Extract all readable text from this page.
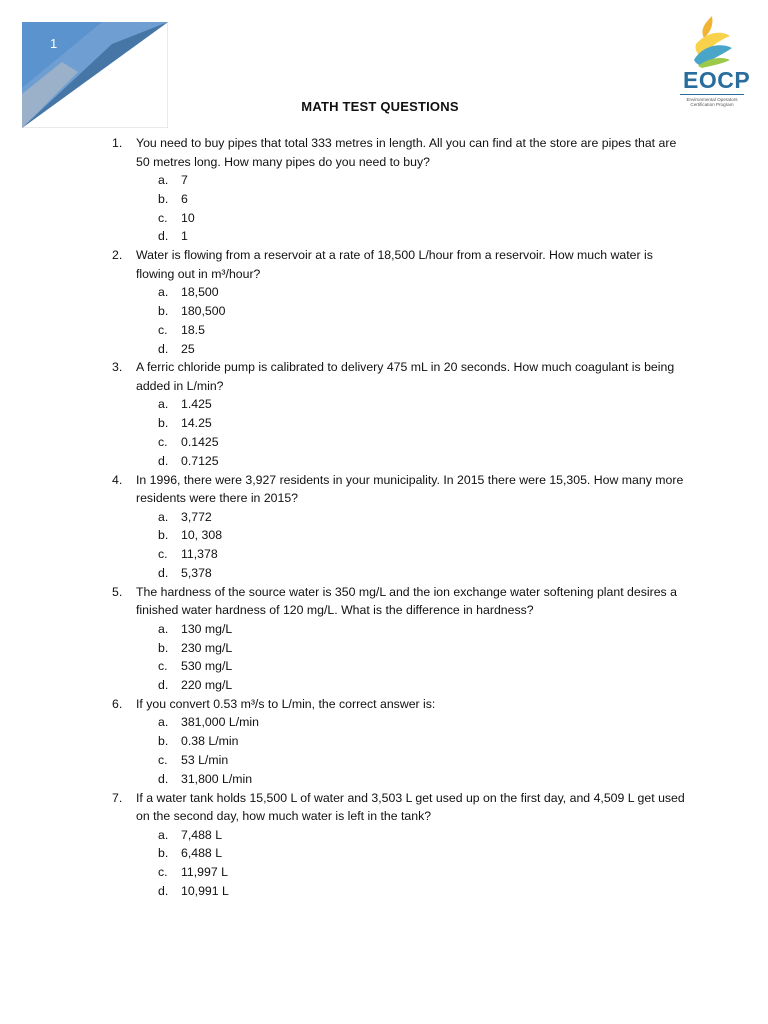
1
EOCP
Environmental Operators Certification Program
MATH TEST QUESTIONS
1.	You need to buy pipes that total 333 metres in length. All you can find at the store are pipes that are 50 metres long. How many pipes do you need to buy?
a. 7
b. 6
c. 10
d. 1
2.	Water is flowing from a reservoir at a rate of 18,500 L/hour from a reservoir. How much water is flowing out in m³/hour?
a. 18,500
b. 180,500
c. 18.5
d. 25
3.	A ferric chloride pump is calibrated to delivery 475 mL in 20 seconds. How much coagulant is being added in L/min?
a. 1.425
b. 14.25
c. 0.1425
d. 0.7125
4.	In 1996, there were 3,927 residents in your municipality. In 2015 there were 15,305. How many more residents were there in 2015?
a. 3,772
b. 10, 308
c. 11,378
d. 5,378
5.	The hardness of the source water is 350 mg/L and the ion exchange water softening plant desires a finished water hardness of 120 mg/L. What is the difference in hardness?
a. 130 mg/L
b. 230 mg/L
c. 530 mg/L
d. 220 mg/L
6.	If you convert 0.53 m³/s to L/min, the correct answer is:
a. 381,000 L/min
b. 0.38 L/min
c. 53 L/min
d. 31,800 L/min
7.	If a water tank holds 15,500 L of water and 3,503 L get used up on the first day, and 4,509 L get used on the second day, how much water is left in the tank?
a. 7,488 L
b. 6,488 L
c. 11,997 L
d. 10,991 L
